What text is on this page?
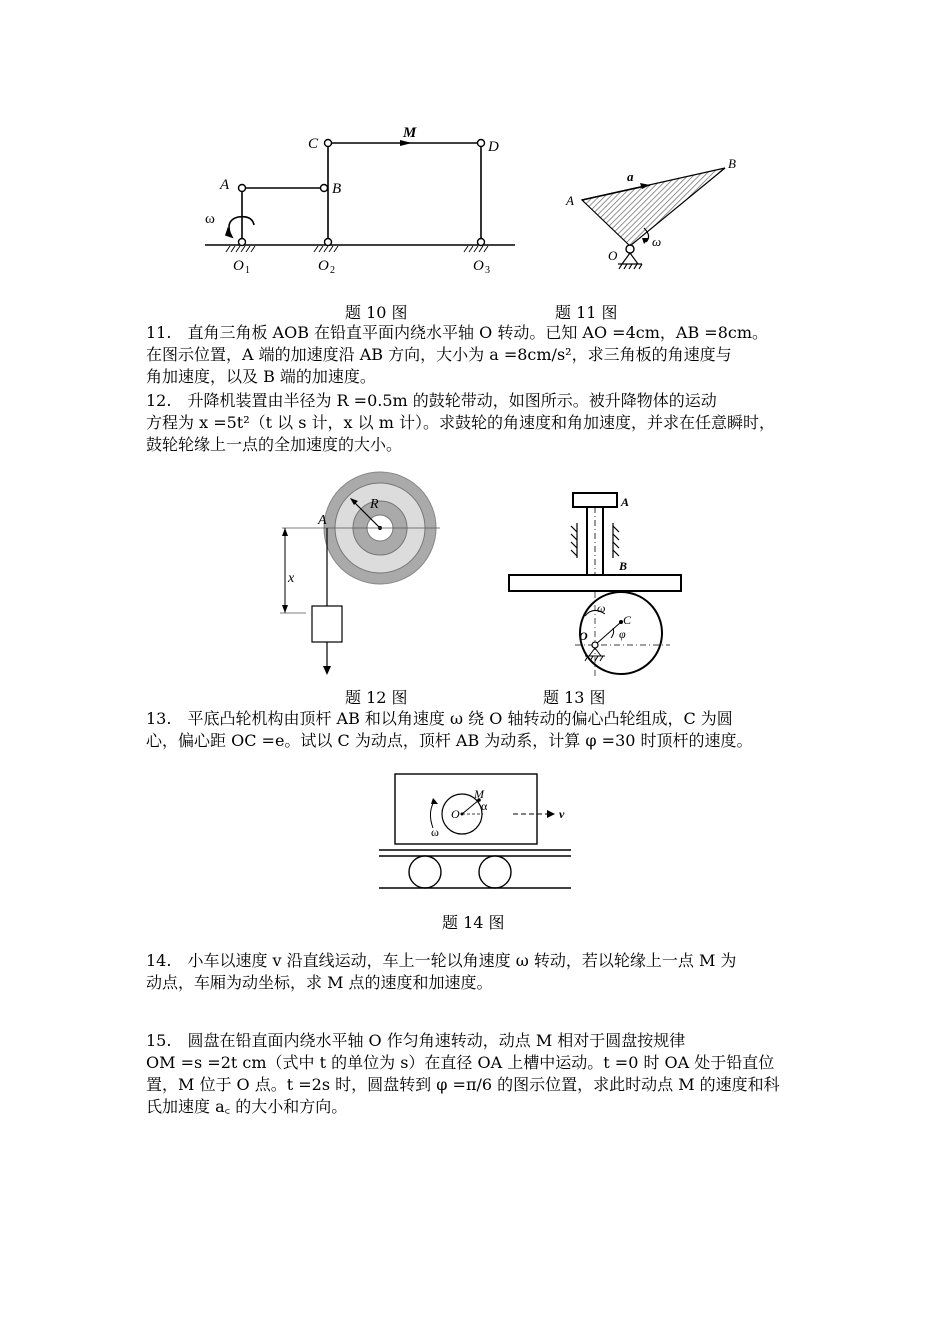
A	B
C	D
M
ω
O 1	O 2	O 3
A
B
O
a
ω
题 10 图	题 11 图
11.　直角三角板 AOB 在铅直平面内绕水平轴 O 转动。已知 AO =4cm，AB =8cm。
在图示位置，A 端的加速度沿 AB 方向，大小为 a =8cm/s²，求三角板的角速度与
角加速度，以及 B 端的加速度。
12.　升降机装置由半径为 R =0.5m 的鼓轮带动，如图所示。被升降物体的运动
方程为 x =5t²（t 以 s 计，x 以 m 计）。求鼓轮的角速度和角加速度，并求在任意瞬时，
鼓轮轮缘上一点的全加速度的大小。
R
A
x
A
B
C
O
ω
φ
题 12 图	题 13 图
13.　平底凸轮机构由顶杆 AB 和以角速度 ω 绕 O 轴转动的偏心凸轮组成，C 为圆
心，偏心距 OC =e。试以 C 为动点，顶杆 AB 为动系，计算 φ =30 时顶杆的速度。
O
M
α
ω
v
题 14 图
14.　小车以速度 v 沿直线运动，车上一轮以角速度 ω 转动，若以轮缘上一点 M 为
动点，车厢为动坐标，求 M 点的速度和加速度。
15.　圆盘在铅直面内绕水平轴 O 作匀角速转动，动点 M 相对于圆盘按规律
OM =s =2t cm（式中 t 的单位为 s）在直径 OA 上槽中运动。t =0 时 OA 处于铅直位
置，M 位于 O 点。t =2s 时，圆盘转到 φ =π/6 的图示位置，求此时动点 M 的速度和科
氏加速度 a꜀ 的大小和方向。
